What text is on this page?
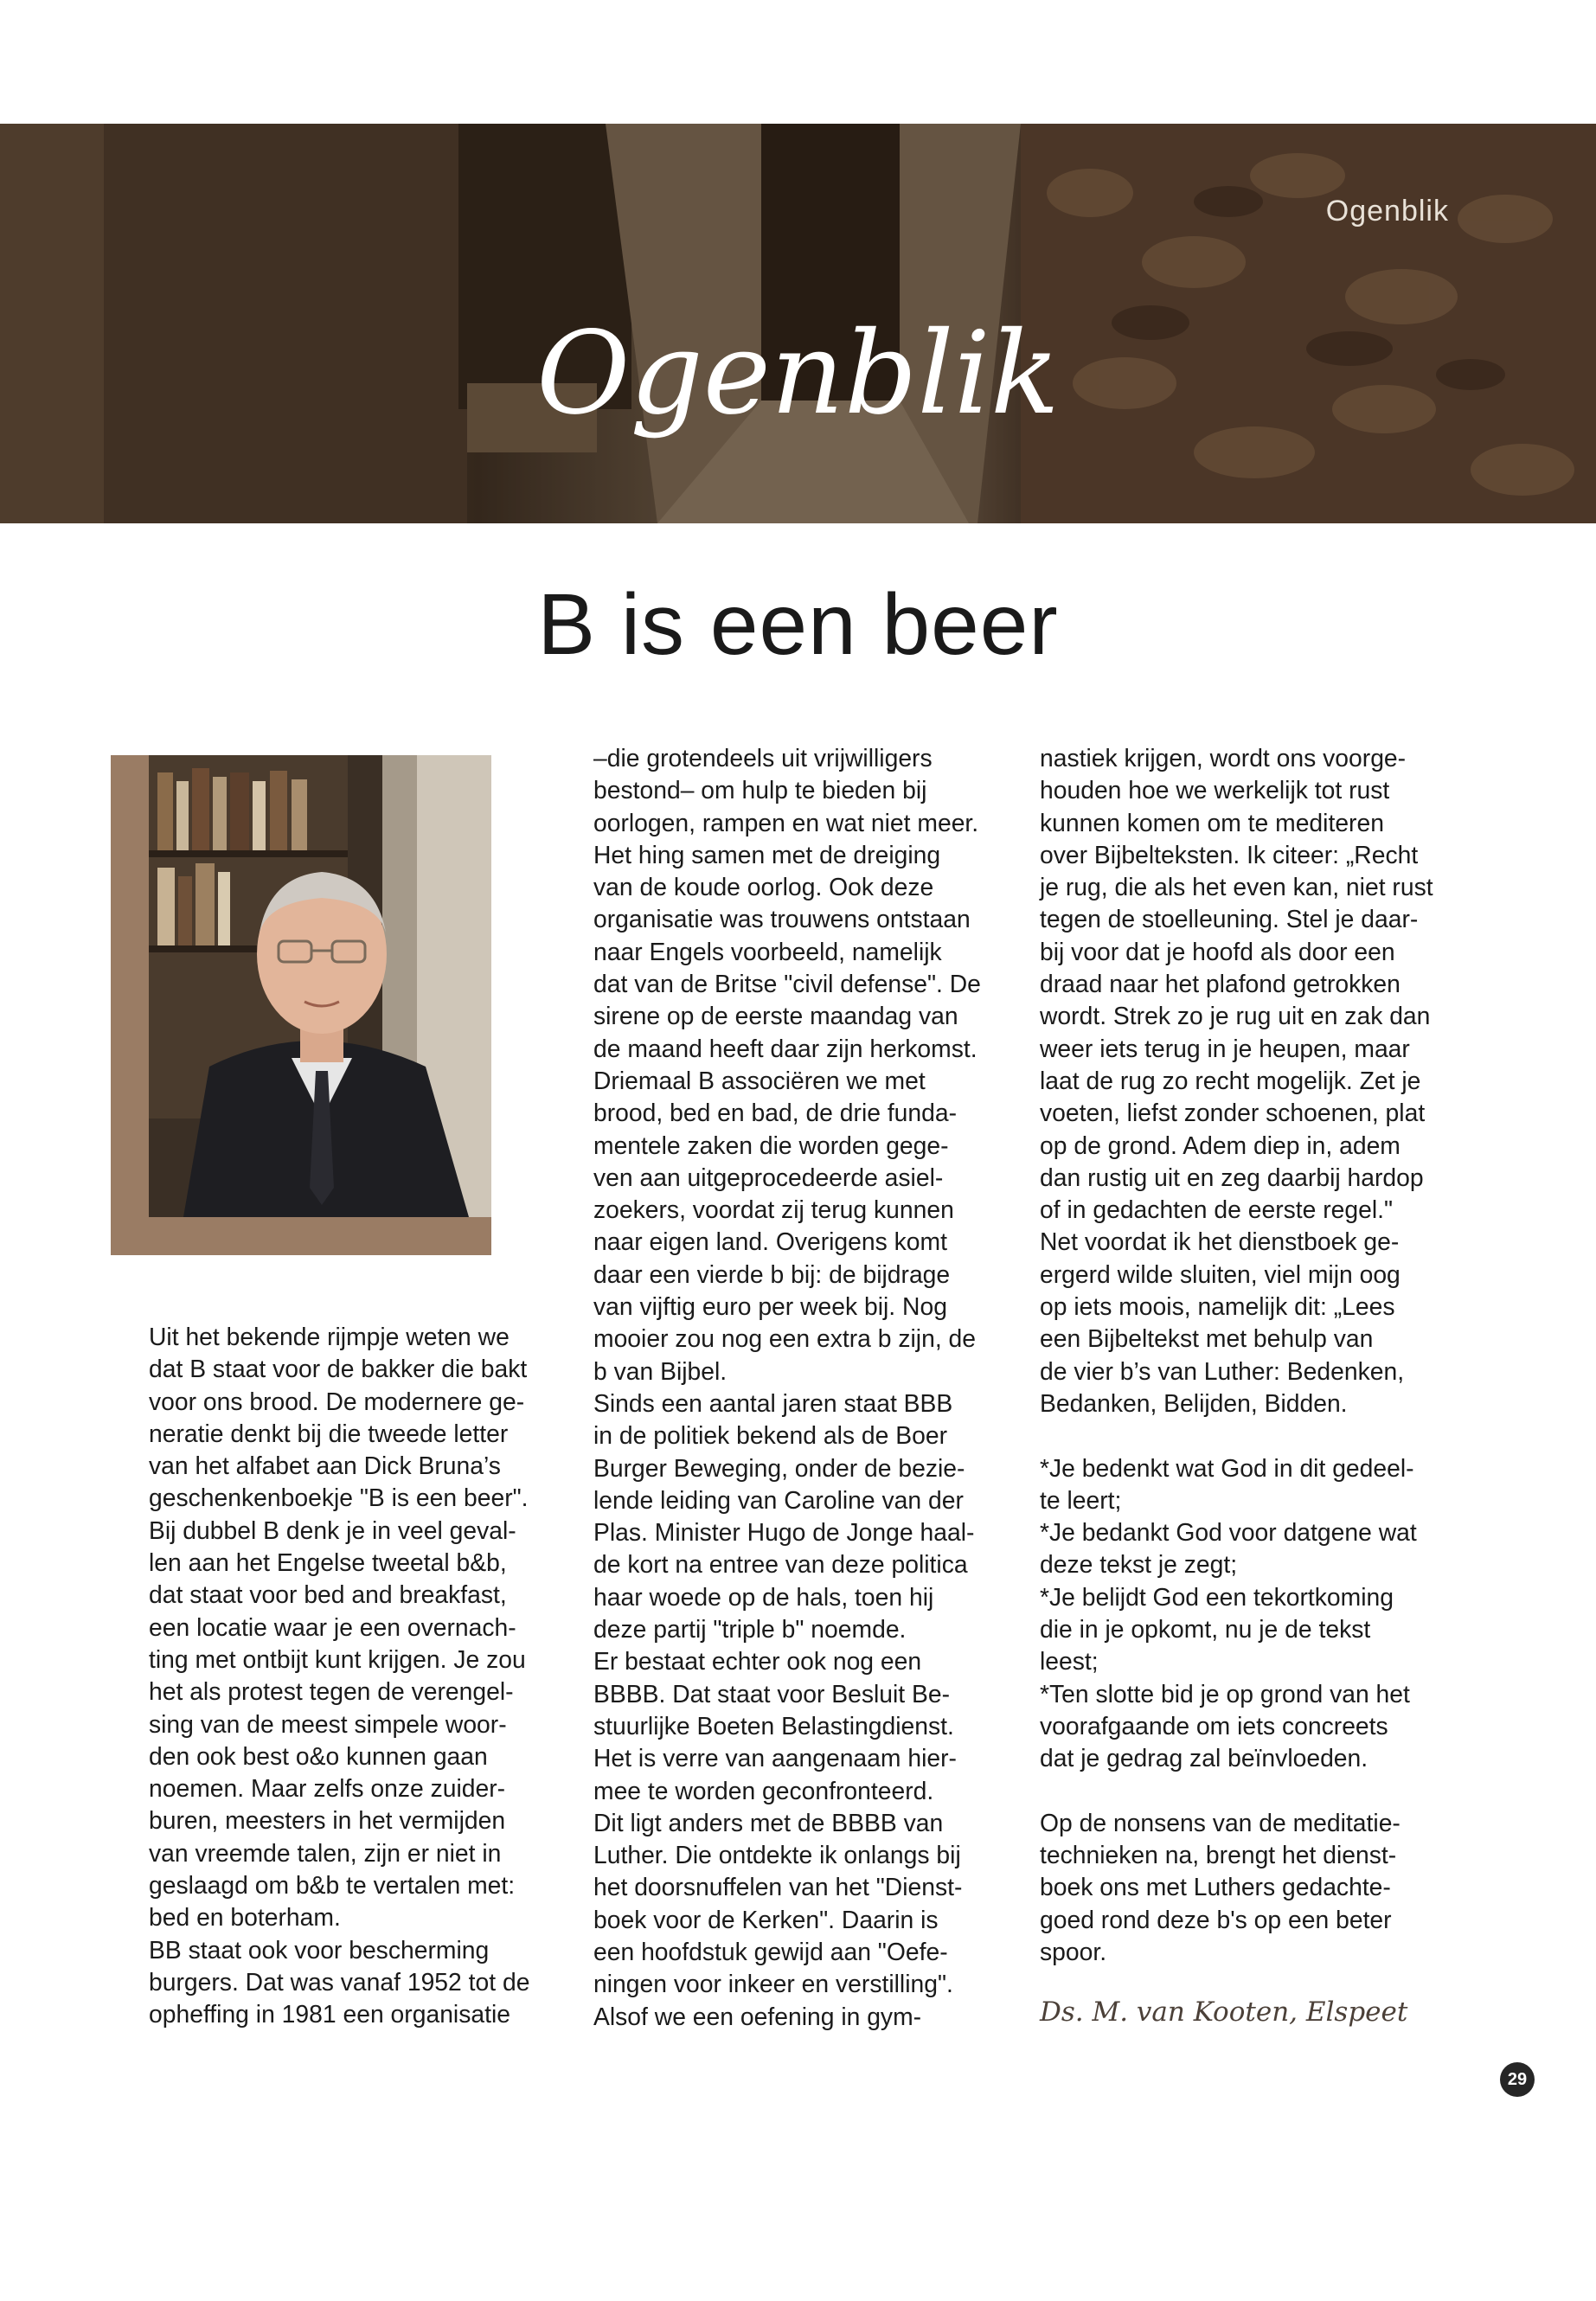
Ogenblik
Ogenblik
B is een beer
Uit het bekende rijmpje weten we
dat B staat voor de bakker die bakt
voor ons brood. De modernere ge-
neratie denkt bij die tweede letter
van het alfabet aan Dick Bruna’s
geschenkenboekje "B is een beer".
Bij dubbel B denk je in veel geval-
len aan het Engelse tweetal b&b,
dat staat voor bed and breakfast,
een locatie waar je een overnach-
ting met ontbijt kunt krijgen. Je zou
het als protest tegen de verengel-
sing van de meest simpele woor-
den ook best o&o kunnen gaan
noemen. Maar zelfs onze zuider-
buren, meesters in het vermijden
van vreemde talen, zijn er niet in
geslaagd om b&b te vertalen met:
bed en boterham.
BB staat ook voor bescherming
burgers. Dat was vanaf 1952 tot de
opheffing in 1981 een organisatie
–die grotendeels uit vrijwilligers
bestond– om hulp te bieden bij
oorlogen, rampen en wat niet meer.
Het hing samen met de dreiging
van de koude oorlog. Ook deze
organisatie was trouwens ontstaan
naar Engels voorbeeld, namelijk
dat van de Britse "civil defense". De
sirene op de eerste maandag van
de maand heeft daar zijn herkomst.
Driemaal B associëren we met
brood, bed en bad, de drie funda-
mentele zaken die worden gege-
ven aan uitgeprocedeerde asiel-
zoekers, voordat zij terug kunnen
naar eigen land. Overigens komt
daar een vierde b bij: de bijdrage
van vijftig euro per week bij. Nog
mooier zou nog een extra b zijn, de
b van Bijbel.
Sinds een aantal jaren staat BBB
in de politiek bekend als de Boer
Burger Beweging, onder de bezie-
lende leiding van Caroline van der
Plas. Minister Hugo de Jonge haal-
de kort na entree van deze politica
haar woede op de hals, toen hij
deze partij "triple b" noemde.
Er bestaat echter ook nog een
BBBB. Dat staat voor Besluit Be-
stuurlijke Boeten Belastingdienst.
Het is verre van aangenaam hier-
mee te worden geconfronteerd.
Dit ligt anders met de BBBB van
Luther. Die ontdekte ik onlangs bij
het doorsnuffelen van het "Dienst-
boek voor de Kerken". Daarin is
een hoofdstuk gewijd aan "Oefe-
ningen voor inkeer en verstilling".
Alsof we een oefening in gym-
nastiek krijgen, wordt ons voorge-
houden hoe we werkelijk tot rust
kunnen komen om te mediteren
over Bijbelteksten. Ik citeer: „Recht
je rug, die als het even kan, niet rust
tegen de stoelleuning. Stel je daar-
bij voor dat je hoofd als door een
draad naar het plafond getrokken
wordt. Strek zo je rug uit en zak dan
weer iets terug in je heupen, maar
laat de rug zo recht mogelijk. Zet je
voeten, liefst zonder schoenen, plat
op de grond. Adem diep in, adem
dan rustig uit en zeg daarbij hardop
of in gedachten de eerste regel."
Net voordat ik het dienstboek ge-
ergerd wilde sluiten, viel mijn oog
op iets moois, namelijk dit: „Lees
een Bijbeltekst met behulp van
de vier b’s van Luther: Bedenken,
Bedanken, Belijden, Bidden.

*Je bedenkt wat God in dit gedeel-
te leert;
*Je bedankt God voor datgene wat
deze tekst je zegt;
*Je belijdt God een tekortkoming
die in je opkomt, nu je de tekst
leest;
*Ten slotte bid je op grond van het
voorafgaande om iets concreets
dat je gedrag zal beïnvloeden.

Op de nonsens van de meditatie-
technieken na, brengt het dienst-
boek ons met Luthers gedachte-
goed rond deze b's op een beter
spoor.
Ds. M. van Kooten, Elspeet
29
